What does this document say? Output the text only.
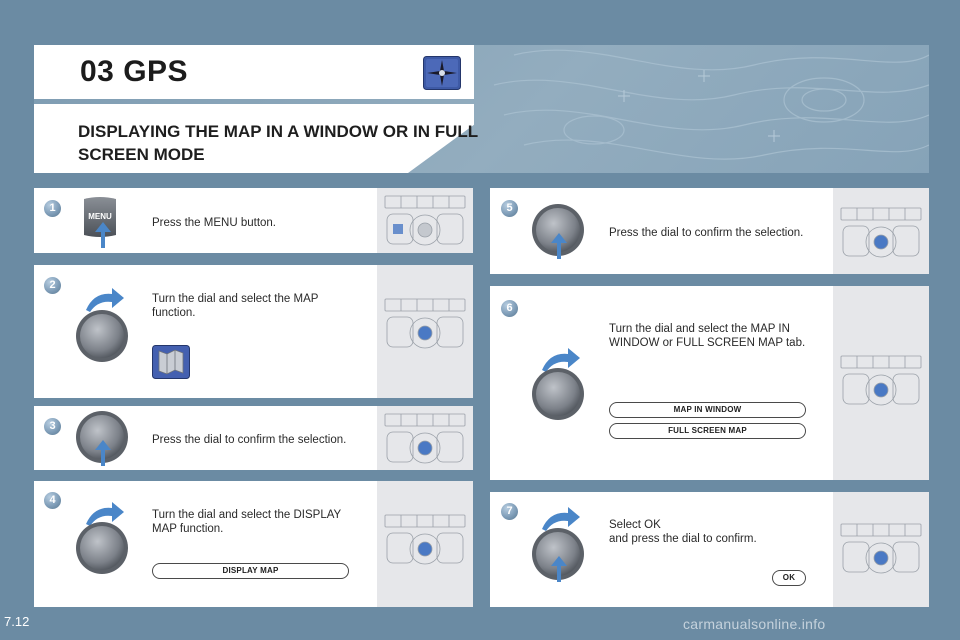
03 GPS
DISPLAYING THE MAP IN A WINDOW OR IN FULL SCREEN MODE
1
MENU
Press the MENU button.
2
Turn the dial and select the MAP function.
3
Press the dial to confirm the selection.
4
Turn the dial and select the DISPLAY MAP function.
DISPLAY MAP
5
Press the dial to confirm the selection.
6
Turn the dial and select the MAP IN WINDOW or FULL SCREEN MAP tab.
MAP IN WINDOW
FULL SCREEN MAP
7
Select OK
and press the dial to confirm.
OK
7.12	carmanualsonline.info
